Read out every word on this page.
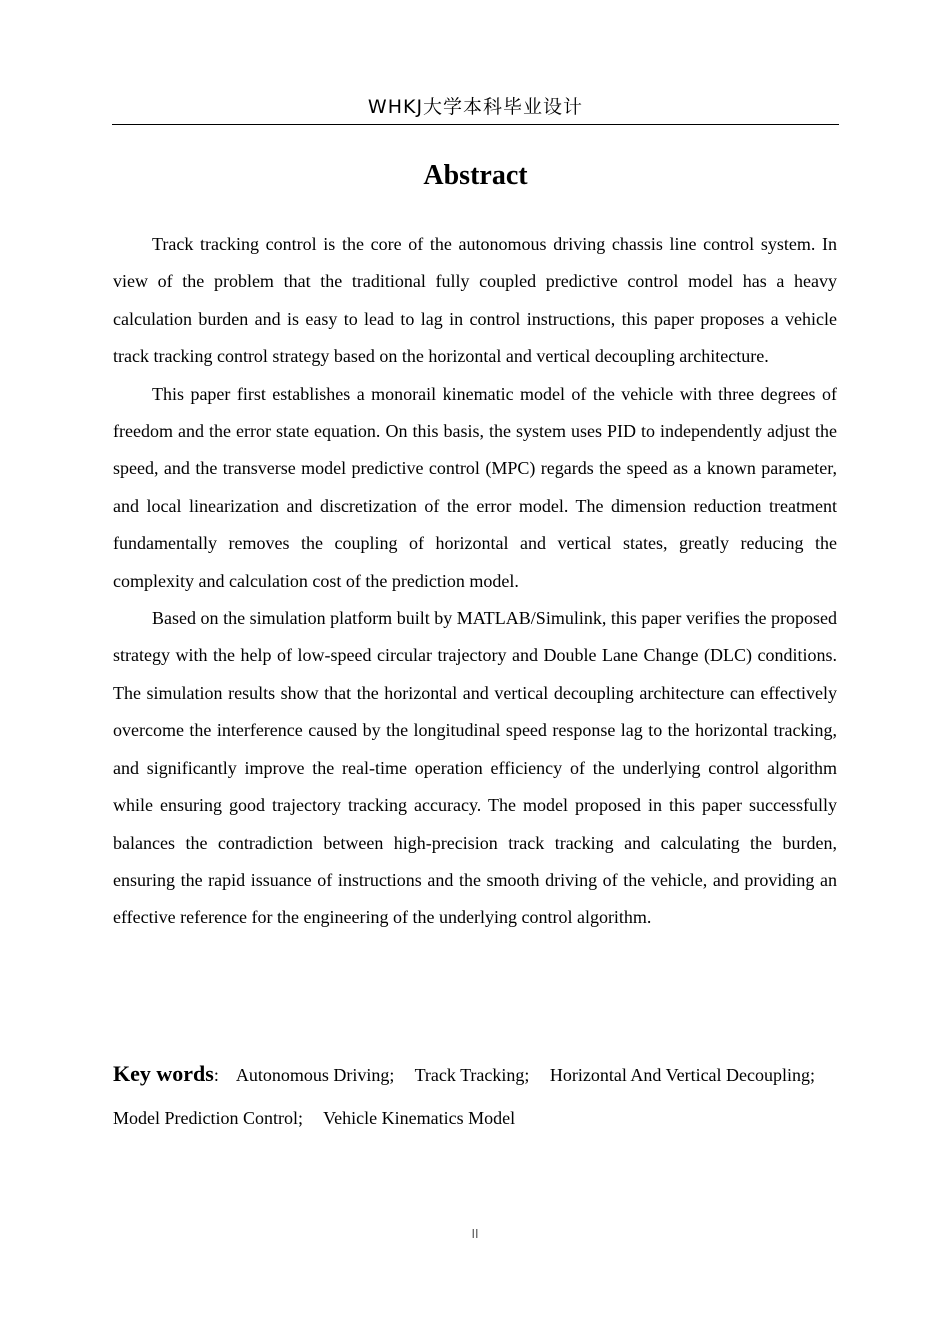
WHKJ大学本科毕业设计
Abstract

Track tracking control is the core of the autonomous driving chassis line control system. In view of the problem that the traditional fully coupled predictive control model has a heavy calculation burden and is easy to lead to lag in control instructions, this paper proposes a vehicle track tracking control strategy based on the horizontal and vertical decoupling architecture.

This paper first establishes a monorail kinematic model of the vehicle with three degrees of freedom and the error state equation. On this basis, the system uses PID to independently adjust the speed, and the transverse model predictive control (MPC) regards the speed as a known parameter, and local linearization and discretization of the error model. The dimension reduction treatment fundamentally removes the coupling of horizontal and vertical states, greatly reducing the complexity and calculation cost of the prediction model.

Based on the simulation platform built by MATLAB/Simulink, this paper verifies the proposed strategy with the help of low-speed circular trajectory and Double Lane Change (DLC) conditions. The simulation results show that the horizontal and vertical decoupling architecture can effectively overcome the interference caused by the longitudinal speed response lag to the horizontal tracking, and significantly improve the real-time operation efficiency of the underlying control algorithm while ensuring good trajectory tracking accuracy. The model proposed in this paper successfully balances the contradiction between high-precision track tracking and calculating the burden, ensuring the rapid issuance of instructions and the smooth driving of the vehicle, and providing an effective reference for the engineering of the underlying control algorithm.

Key words: Autonomous Driving; Track Tracking; Horizontal And Vertical Decoupling; Model Prediction Control; Vehicle Kinematics Model
II
